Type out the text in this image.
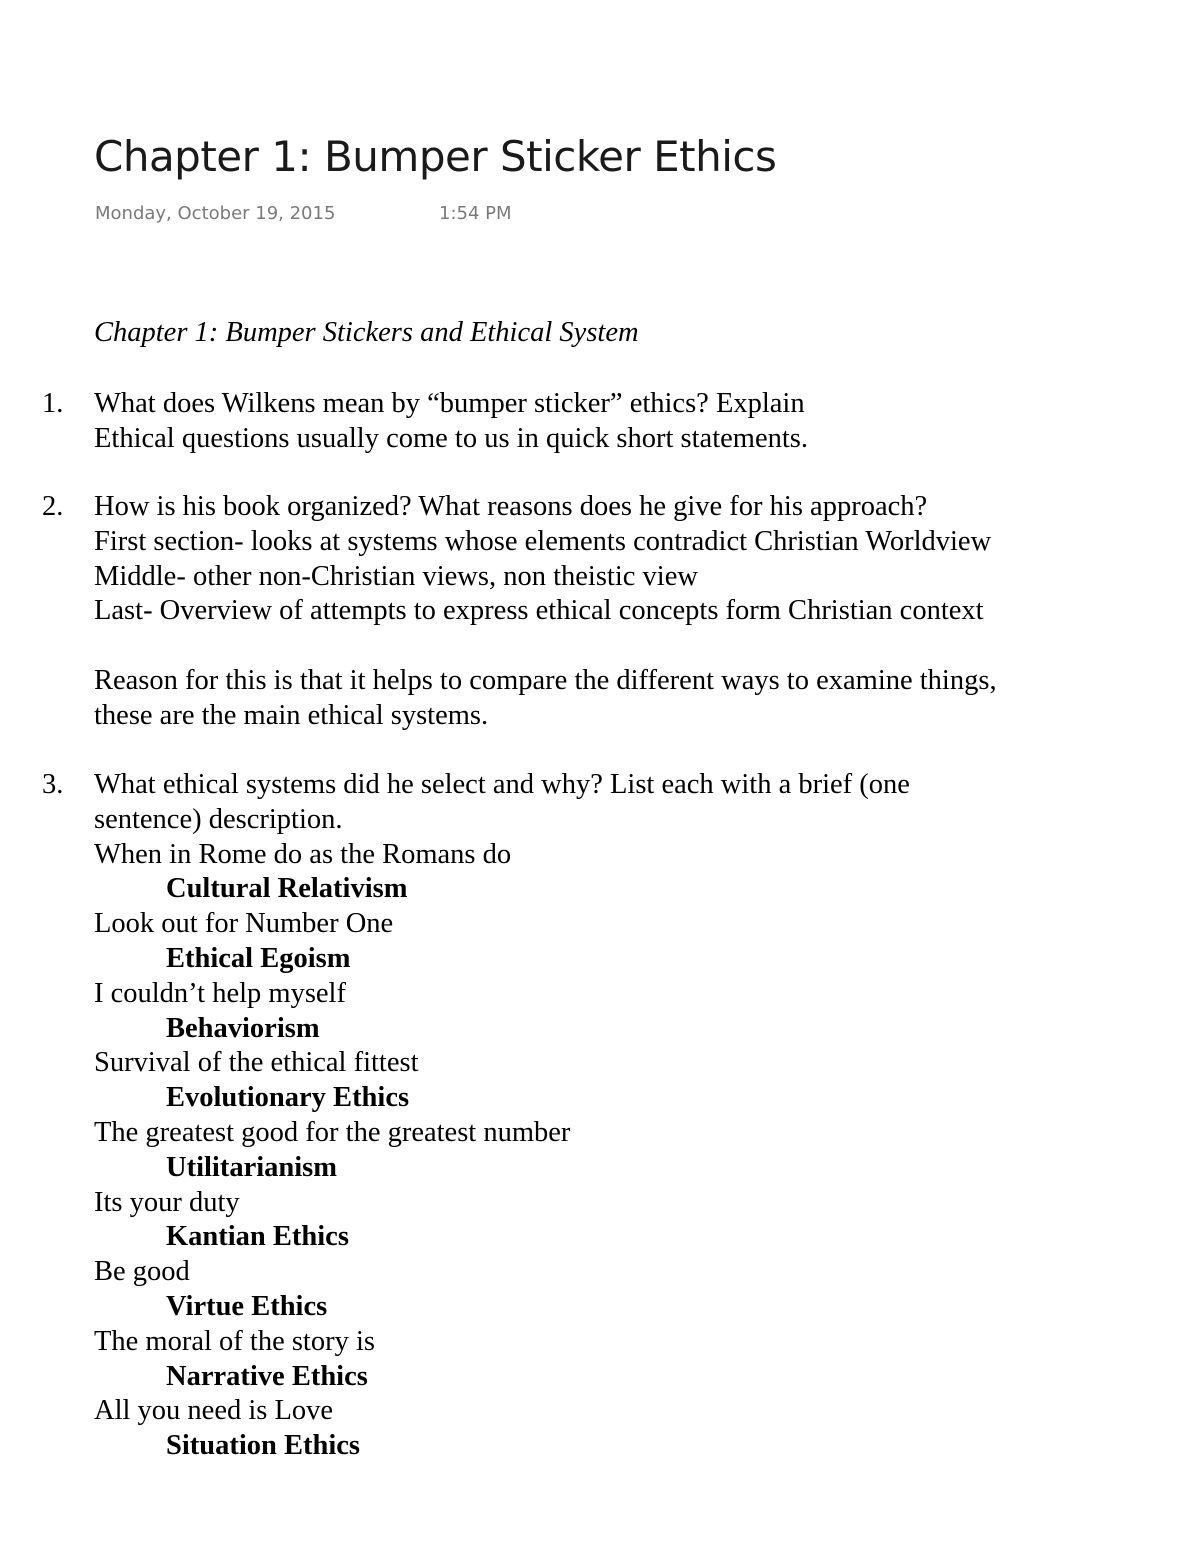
Chapter 1: Bumper Sticker Ethics
Monday, October 19, 2015	1:54 PM
Chapter 1: Bumper Stickers and Ethical System
1. What does Wilkens mean by “bumper sticker” ethics? Explain
Ethical questions usually come to us in quick short statements.
2. How is his book organized? What reasons does he give for his approach?
First section- looks at systems whose elements contradict Christian Worldview
Middle- other non-Christian views, non theistic view
Last- Overview of attempts to express ethical concepts form Christian context
Reason for this is that it helps to compare the different ways to examine things,
these are the main ethical systems.
3. What ethical systems did he select and why? List each with a brief (one
sentence) description.
When in Rome do as the Romans do
Cultural Relativism
Look out for Number One
Ethical Egoism
I couldn’t help myself
Behaviorism
Survival of the ethical fittest
Evolutionary Ethics
The greatest good for the greatest number
Utilitarianism
Its your duty
Kantian Ethics
Be good
Virtue Ethics
The moral of the story is
Narrative Ethics
All you need is Love
Situation Ethics
